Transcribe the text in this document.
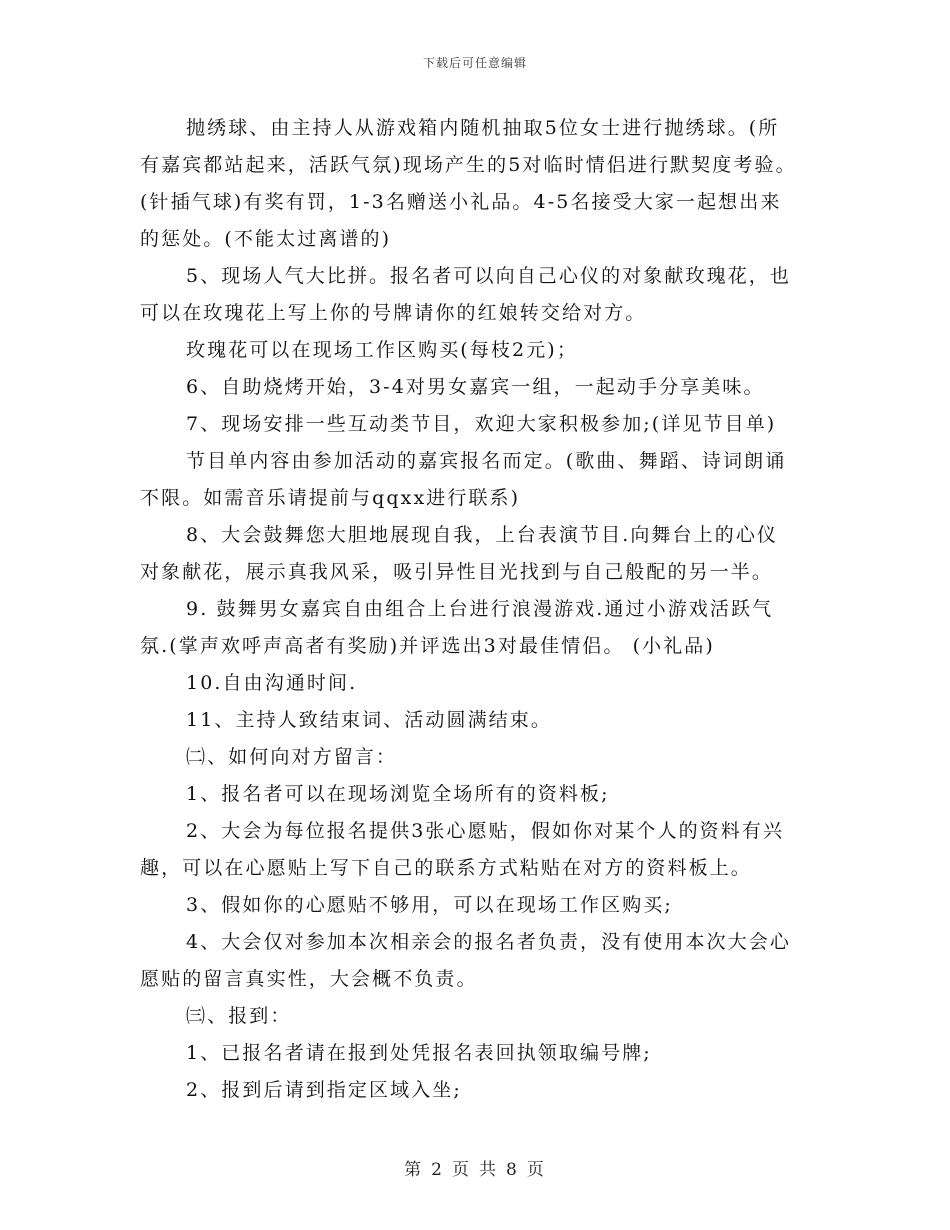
下载后可任意编辑

抛绣球、由主持人从游戏箱内随机抽取5位女士进行抛绣球。(所
有嘉宾都站起来，活跃气氛)现场产生的5对临时情侣进行默契度考验。
(针插气球)有奖有罚，1-3名赠送小礼品。4-5名接受大家一起想出来
的惩处。(不能太过离谱的)

5、现场人气大比拼。报名者可以向自己心仪的对象献玫瑰花，也
可以在玫瑰花上写上你的号牌请你的红娘转交给对方。

玫瑰花可以在现场工作区购买(每枝2元)；

6、自助烧烤开始，3-4对男女嘉宾一组，一起动手分享美味。

7、现场安排一些互动类节目，欢迎大家积极参加;(详见节目单)

节目单内容由参加活动的嘉宾报名而定。(歌曲、舞蹈、诗词朗诵
不限。如需音乐请提前与qqxx进行联系)

8、大会鼓舞您大胆地展现自我，上台表演节目.向舞台上的心仪
对象献花，展示真我风采，吸引异性目光找到与自己般配的另一半。

9. 鼓舞男女嘉宾自由组合上台进行浪漫游戏.通过小游戏活跃气
氛.(掌声欢呼声高者有奖励)并评选出3对最佳情侣。 (小礼品)

10.自由沟通时间.

11、主持人致结束词、活动圆满结束。

㈡、如何向对方留言：

1、报名者可以在现场浏览全场所有的资料板;

2、大会为每位报名提供3张心愿贴，假如你对某个人的资料有兴
趣，可以在心愿贴上写下自己的联系方式粘贴在对方的资料板上。

3、假如你的心愿贴不够用，可以在现场工作区购买;

4、大会仅对参加本次相亲会的报名者负责，没有使用本次大会心
愿贴的留言真实性，大会概不负责。

㈢、报到：

1、已报名者请在报到处凭报名表回执领取编号牌;

2、报到后请到指定区域入坐;

第 2 页 共 8 页
